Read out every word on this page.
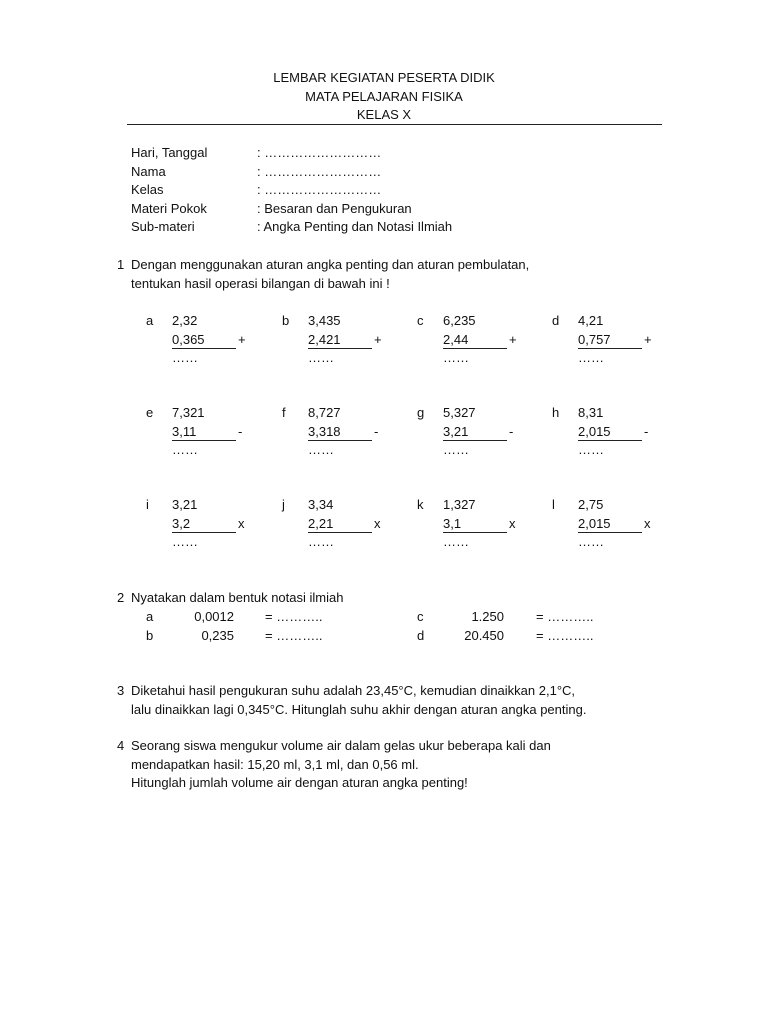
LEMBAR KEGIATAN PESERTA DIDIK
MATA PELAJARAN FISIKA
KELAS X
Hari, Tanggal	: ………………………
Nama	: ………………………
Kelas	: ………………………
Materi Pokok	: Besaran dan Pengukuran
Sub-materi	: Angka Penting dan Notasi Ilmiah
1 Dengan menggunakan aturan angka penting dan aturan pembulatan,
tentukan hasil operasi bilangan di bawah ini !
a 2,32
0,365	+
……
b 3,435
2,421	+
……
c 6,235
2,44	+
……
d 4,21
0,757	+
……
e 7,321
3,11	-
……
f 8,727
3,318	-
……
g 5,327
3,21	-
……
h 8,31
2,015	-
……
i 3,21
3,2	x
……
j 3,34
2,21	x
……
k 1,327
3,1	x
……
l 2,75
2,015	x
……
2 Nyatakan dalam bentuk notasi ilmiah
a	0,0012 = ………..
b	0,235 = ………..
c	1.250 = ………..
d	20.450 = ………..
3 Diketahui hasil pengukuran suhu adalah 23,45°C, kemudian dinaikkan 2,1°C,
lalu dinaikkan lagi 0,345°C. Hitunglah suhu akhir dengan aturan angka penting.
4 Seorang siswa mengukur volume air dalam gelas ukur beberapa kali dan
mendapatkan hasil: 15,20 ml, 3,1 ml, dan 0,56 ml.
Hitunglah jumlah volume air dengan aturan angka penting!
